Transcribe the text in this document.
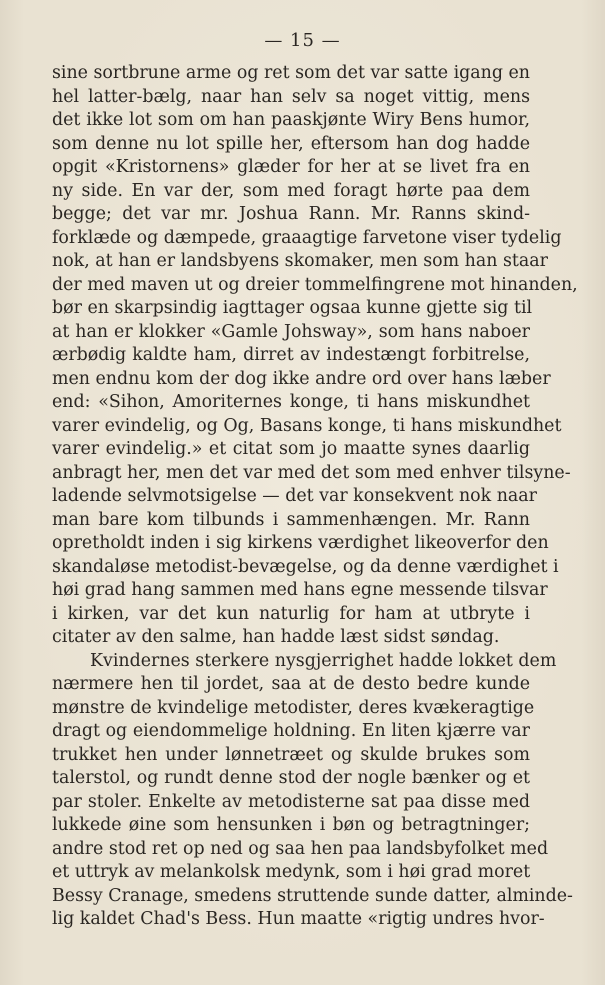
— 15 —
sine sortbrune arme og ret som det var satte igang en
hel latter-bælg, naar han selv sa noget vittig, mens
det ikke lot som om han paaskjønte Wiry Bens humor,
som denne nu lot spille her, eftersom han dog hadde
opgit «Kristornens» glæder for her at se livet fra en
ny side. En var der, som med foragt hørte paa dem
begge; det var mr. Joshua Rann. Mr. Ranns skind-
forklæde og dæmpede, graaagtige farvetone viser tydelig
nok, at han er landsbyens skomaker, men som han staar
der med maven ut og dreier tommelfingrene mot hinanden,
bør en skarpsindig iagttager ogsaa kunne gjette sig til
at han er klokker «Gamle Johsway», som hans naboer
ærbødig kaldte ham, dirret av indestængt forbitrelse,
men endnu kom der dog ikke andre ord over hans læber
end: «Sihon, Amoriternes konge, ti hans miskundhet
varer evindelig, og Og, Basans konge, ti hans miskundhet
varer evindelig.» et citat som jo maatte synes daarlig
anbragt her, men det var med det som med enhver tilsyne-
ladende selvmotsigelse — det var konsekvent nok naar
man bare kom tilbunds i sammenhængen. Mr. Rann
opretholdt inden i sig kirkens værdighet likeoverfor den
skandaløse metodist-bevægelse, og da denne værdighet i
høi grad hang sammen med hans egne messende tilsvar
i kirken, var det kun naturlig for ham at utbryte i
citater av den salme, han hadde læst sidst søndag.
Kvindernes sterkere nysgjerrighet hadde lokket dem
nærmere hen til jordet, saa at de desto bedre kunde
mønstre de kvindelige metodister, deres kvækeragtige
dragt og eiendommelige holdning. En liten kjærre var
trukket hen under lønnetræet og skulde brukes som
talerstol, og rundt denne stod der nogle bænker og et
par stoler. Enkelte av metodisterne sat paa disse med
lukkede øine som hensunken i bøn og betragtninger;
andre stod ret op ned og saa hen paa landsbyfolket med
et uttryk av melankolsk medynk, som i høi grad moret
Bessy Cranage, smedens struttende sunde datter, alminde-
lig kaldet Chad's Bess. Hun maatte «rigtig undres hvor-
